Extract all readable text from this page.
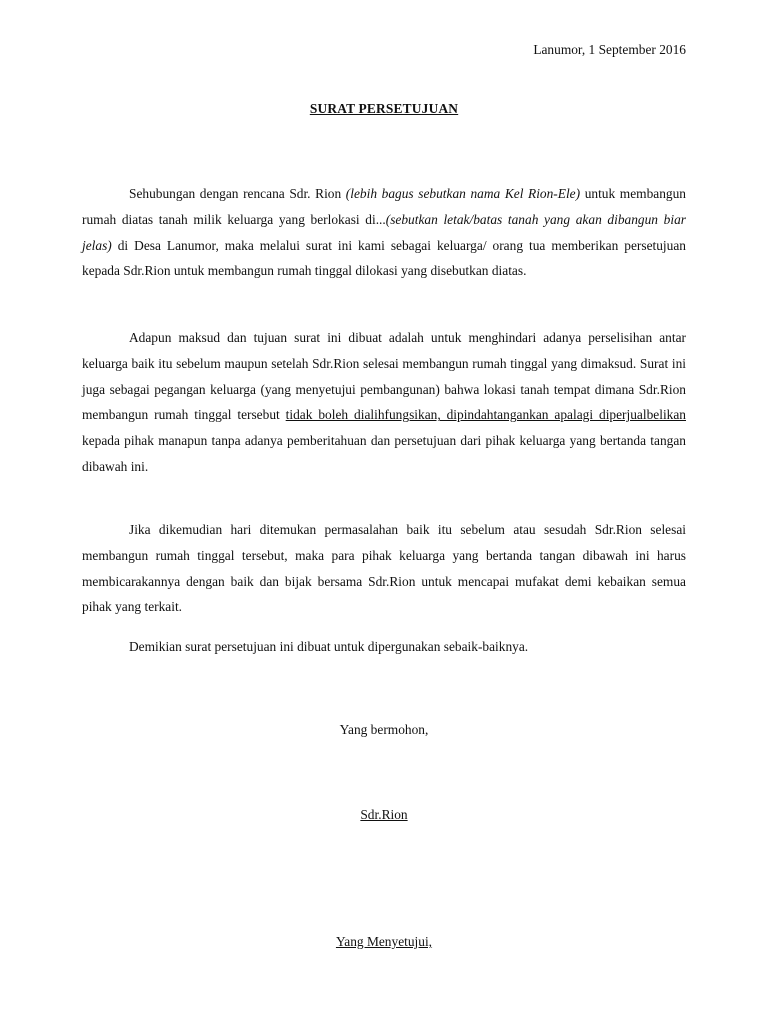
Lanumor, 1 September 2016
SURAT PERSETUJUAN

Sehubungan dengan rencana Sdr. Rion (lebih bagus sebutkan nama Kel Rion-Ele) untuk membangun rumah diatas tanah milik keluarga yang berlokasi di...(sebutkan letak/batas tanah yang akan dibangun biar jelas) di Desa Lanumor, maka melalui surat ini kami sebagai keluarga/ orang tua memberikan persetujuan kepada Sdr.Rion untuk membangun rumah tinggal dilokasi yang disebutkan diatas.

Adapun maksud dan tujuan surat ini dibuat adalah untuk menghindari adanya perselisihan antar keluarga baik itu sebelum maupun setelah Sdr.Rion selesai membangun rumah tinggal yang dimaksud. Surat ini juga sebagai pegangan keluarga (yang menyetujui pembangunan) bahwa lokasi tanah tempat dimana Sdr.Rion membangun rumah tinggal tersebut tidak boleh dialihfungsikan, dipindahtangankan apalagi diperjualbelikan kepada pihak manapun tanpa adanya pemberitahuan dan persetujuan dari pihak keluarga yang bertanda tangan dibawah ini.

Jika dikemudian hari ditemukan permasalahan baik itu sebelum atau sesudah Sdr.Rion selesai membangun rumah tinggal tersebut, maka para pihak keluarga yang bertanda tangan dibawah ini harus membicarakannya dengan baik dan bijak bersama Sdr.Rion untuk mencapai mufakat demi kebaikan semua pihak yang terkait.

Demikian surat persetujuan ini dibuat untuk dipergunakan sebaik-baiknya.

Yang bermohon,
Sdr.Rion
Yang Menyetujui,
